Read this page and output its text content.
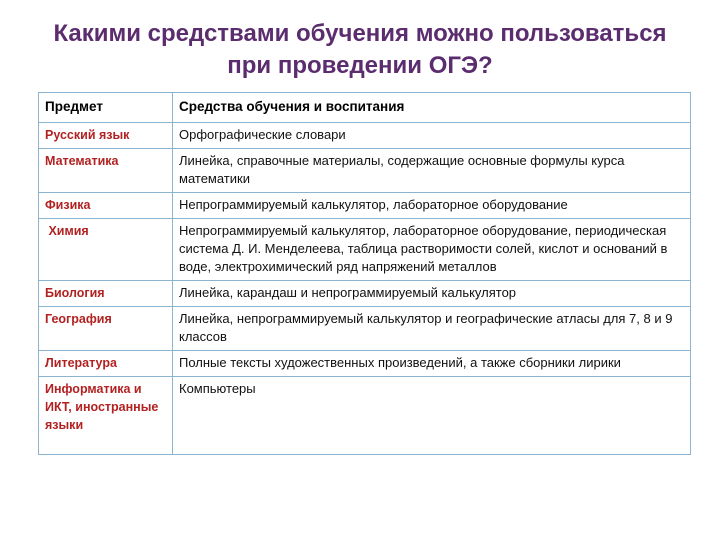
Какими средствами обучения можно пользоваться при проведении ОГЭ?
Предмет	Средства обучения и воспитания
Русский язык	Орфографические словари
Математика	Линейка, справочные материалы, содержащие основные формулы курса математики
Физика	Непрограммируемый калькулятор, лабораторное оборудование
Химия	Непрограммируемый калькулятор, лабораторное оборудование, периодическая система Д. И. Менделеева, таблица растворимости солей, кислот и оснований в воде, электрохимический ряд напряжений металлов
Биология	Линейка, карандаш и непрограммируемый калькулятор
География	Линейка, непрограммируемый калькулятор и географические атласы для 7, 8 и 9 классов
Литература	Полные тексты художественных произведений, а также сборники лирики
Информатика и ИКТ, иностранные языки	Компьютеры
